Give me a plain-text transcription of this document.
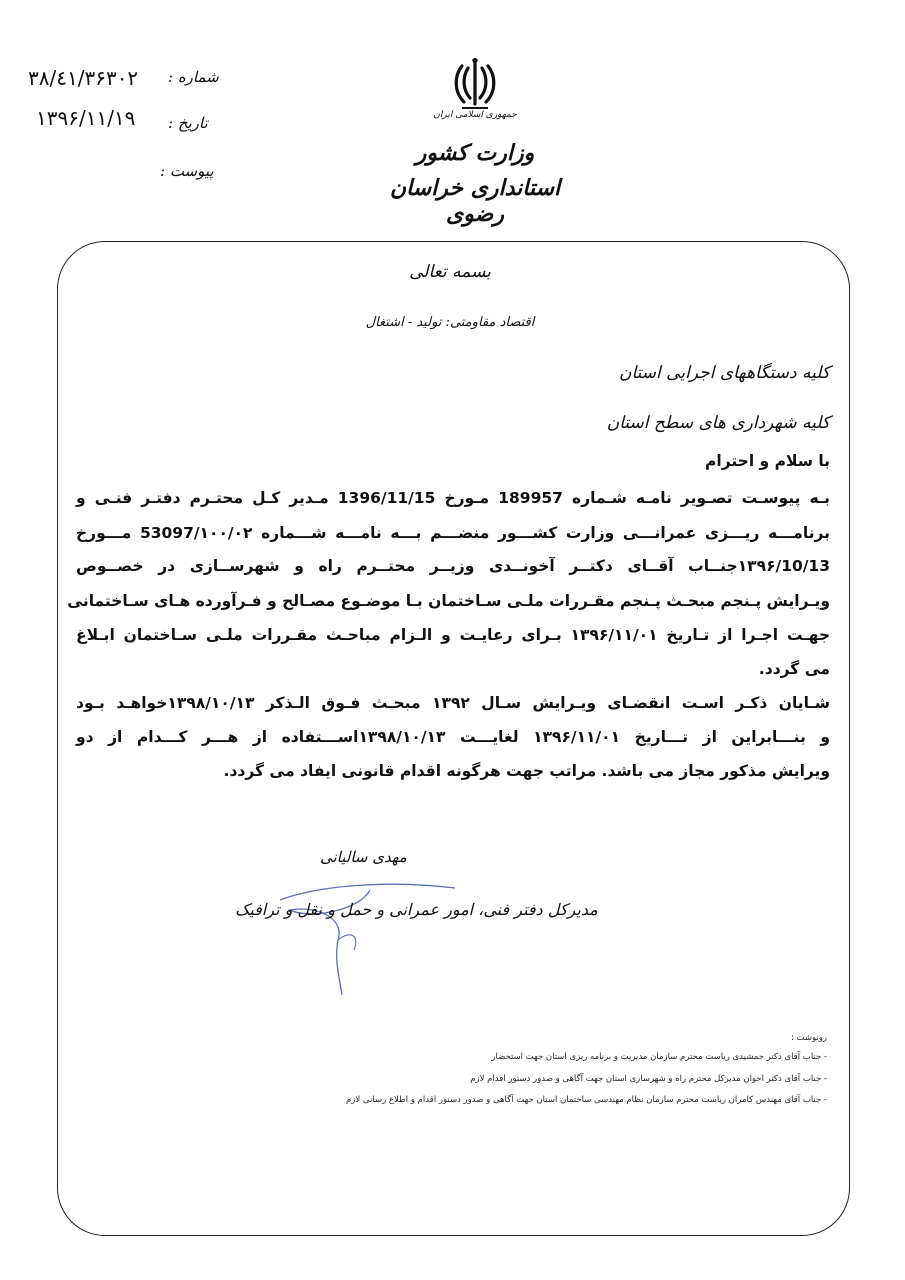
۳۸/٤۱/۳۶۳۰۲ شماره :
۱۳۹۶/۱۱/۱۹ تاریخ :
پیوست :
جمهوری اسلامی ایران
وزارت کشور
استانداری خراسان رضوی
بسمه تعالی
اقتصاد مقاومتی: تولید - اشتغال
کلیه دستگاههای اجرایی استان
کلیه شهرداری های سطح استان
با سلام و احترام
بـه پیوسـت تصـویر نامـه شـماره 189957 مـورخ 1396/11/15 مـدیر کـل محتـرم دفتـر فنـی و
برنامـــه ریـــزی عمرانـــی وزارت کشـــور منضـــم بـــه نامـــه شـــماره 53097/۱۰۰/۰۲ مـــورخ
۱۳۹۶/10/13جنــاب آقــای دکتــر آخونــدی وزیــر محتــرم راه و شهرســازی در خصــوص
ویـرایش پـنجم مبحـث پـنجم مقـررات ملـی سـاختمان بـا موضـوع مصـالح و فـرآورده هـای سـاختمانی
جهـت اجـرا از تـاریخ ۱۳۹۶/۱۱/۰۱ بـرای رعایـت و الـزام مباحـث مقـررات ملـی سـاختمان ابـلاغ
می گردد.
شـایان ذکـر اسـت انقضـای ویـرایش سـال ۱۳۹۲ مبحـث فـوق الـذکر ۱۳۹۸/۱۰/۱۳خواهـد بـود
و بنـــابراین از تـــاریخ ۱۳۹۶/۱۱/۰۱ لغایـــت ۱۳۹۸/۱۰/۱۳اســـتفاده از هـــر کـــدام از دو
ویرایش مذکور مجاز می باشد. مراتب جهت هرگونه اقدام قانونی ایفاد می گردد.
مهدی سالیانی
مدیرکل دفتر فنی، امور عمرانی و حمل و نقل و ترافیک
رونوشت :
- جناب آقای دکتر جمشیدی ریاست محترم سازمان مدیریت و برنامه ریزی استان جهت استحضار
- جناب آقای دکتر اخوان مدیرکل محترم راه و شهرسازی استان جهت آگاهی و صدور دستور اقدام لازم
- جناب آقای مهندس کامران ریاست محترم سازمان نظام مهندسی ساختمان استان جهت آگاهی و صدور دستور اقدام و اطلاع رسانی لازم
